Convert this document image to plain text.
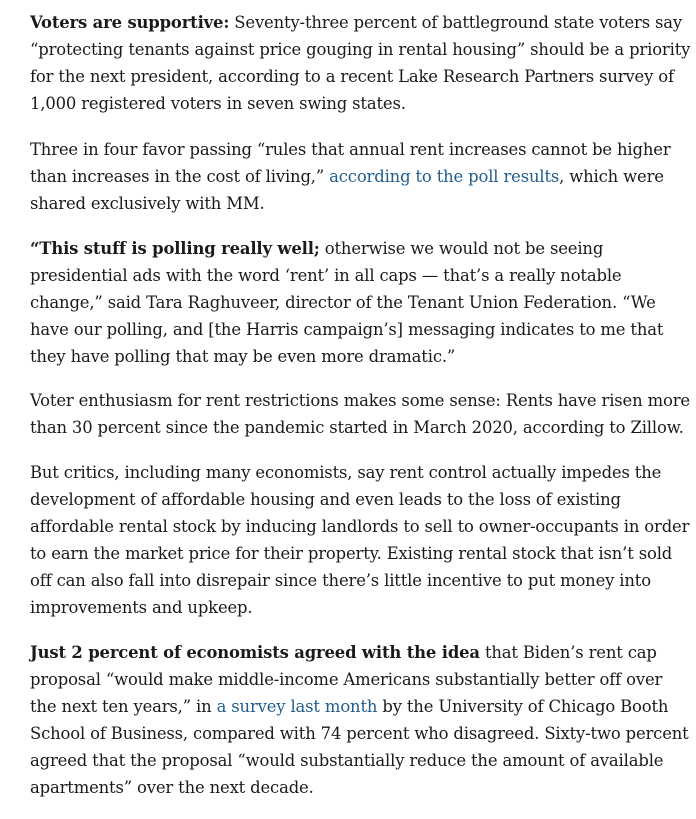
Voters are supportive: Seventy-three percent of battleground state voters say “protecting tenants against price gouging in rental housing” should be a priority for the next president, according to a recent Lake Research Partners survey of 1,000 registered voters in seven swing states.

Three in four favor passing “rules that annual rent increases cannot be higher than increases in the cost of living,” according to the poll results, which were shared exclusively with MM.

“This stuff is polling really well; otherwise we would not be seeing presidential ads with the word ‘rent’ in all caps — that’s a really notable change,” said Tara Raghuveer, director of the Tenant Union Federation. “We have our polling, and [the Harris campaign’s] messaging indicates to me that they have polling that may be even more dramatic.”

Voter enthusiasm for rent restrictions makes some sense: Rents have risen more than 30 percent since the pandemic started in March 2020, according to Zillow.

But critics, including many economists, say rent control actually impedes the development of affordable housing and even leads to the loss of existing affordable rental stock by inducing landlords to sell to owner-occupants in order to earn the market price for their property. Existing rental stock that isn’t sold off can also fall into disrepair since there’s little incentive to put money into improvements and upkeep.

Just 2 percent of economists agreed with the idea that Biden’s rent cap proposal “would make middle-income Americans substantially better off over the next ten years,” in a survey last month by the University of Chicago Booth School of Business, compared with 74 percent who disagreed. Sixty-two percent agreed that the proposal “would substantially reduce the amount of available apartments” over the next decade.
